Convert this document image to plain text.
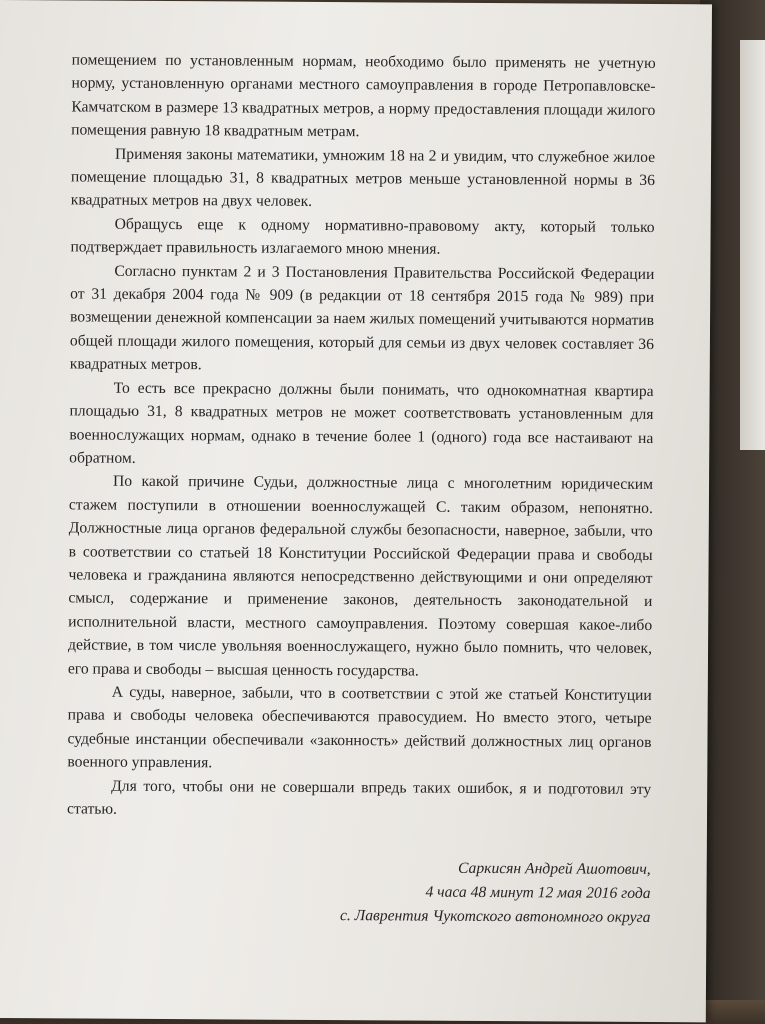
помещением по установленным нормам, необходимо было применять не учетную норму, установленную органами местного самоуправления в городе Петропавловске-Камчатском в размере 13 квадратных метров, а норму предоставления площади жилого помещения равную 18 квадратным метрам.

Применяя законы математики, умножим 18 на 2 и увидим, что служебное жилое помещение площадью 31, 8 квадратных метров меньше установленной нормы в 36 квадратных метров на двух человек.

Обращусь еще к одному нормативно-правовому акту, который только подтверждает правильность излагаемого мною мнения.

Согласно пунктам 2 и 3 Постановления Правительства Российской Федерации от 31 декабря 2004 года № 909 (в редакции от 18 сентября 2015 года № 989) при возмещении денежной компенсации за наем жилых помещений учитываются норматив общей площади жилого помещения, который для семьи из двух человек составляет 36 квадратных метров.

То есть все прекрасно должны были понимать, что однокомнатная квартира площадью 31, 8 квадратных метров не может соответствовать установленным для военнослужащих нормам, однако в течение более 1 (одного) года все настаивают на обратном.

По какой причине Судьи, должностные лица с многолетним юридическим стажем поступили в отношении военнослужащей С. таким образом, непонятно. Должностные лица органов федеральной службы безопасности, наверное, забыли, что в соответствии со статьей 18 Конституции Российской Федерации права и свободы человека и гражданина являются непосредственно действующими и они определяют смысл, содержание и применение законов, деятельность законодательной и исполнительной власти, местного самоуправления. Поэтому совершая какое-либо действие, в том числе увольняя военнослужащего, нужно было помнить, что человек, его права и свободы – высшая ценность государства.

А суды, наверное, забыли, что в соответствии с этой же статьей Конституции права и свободы человека обеспечиваются правосудием. Но вместо этого, четыре судебные инстанции обеспечивали «законность» действий должностных лиц органов военного управления.

Для того, чтобы они не совершали впредь таких ошибок, я и подготовил эту статью.

Саркисян Андрей Ашотович,
4 часа 48 минут 12 мая 2016 года
с. Лаврентия Чукотского автономного округа
